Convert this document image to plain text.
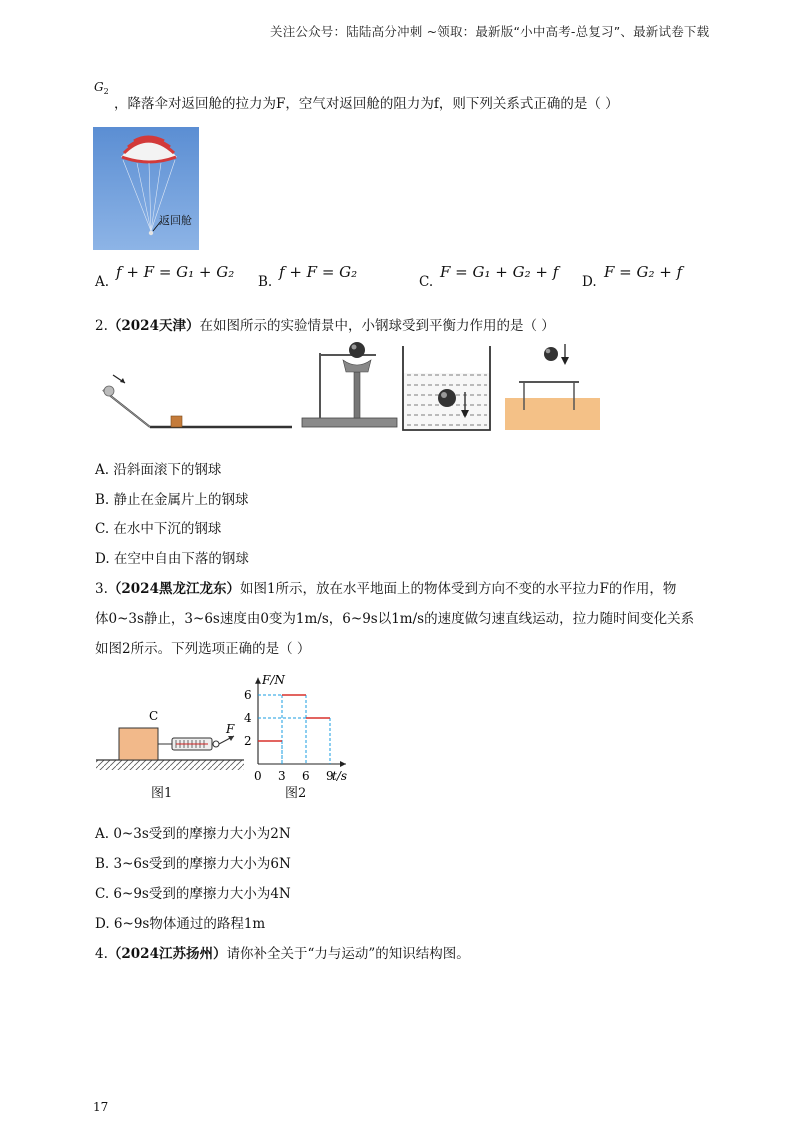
关注公众号：陆陆高分冲刺 ~领取：最新版“小中高考-总复习”、最新试卷下载
$G_2$
，降落伞对返回舱的拉力为F，空气对返回舱的阻力为f，则下列关系式正确的是（ ）
返回舱
A.
f + F = G₁ + G₂
B.
f + F = G₂
C.
F = G₁ + G₂ + f
D.
F = G₂ + f
2.（2024天津）在如图所示的实验情景中，小钢球受到平衡力作用的是（ ）
A. 沿斜面滚下的钢球
B. 静止在金属片上的钢球
C. 在水中下沉的钢球
D. 在空中自由下落的钢球
3.（2024黑龙江龙东）如图1所示，放在水平地面上的物体受到方向不变的水平拉力F的作用，物
体0~3s静止，3~6s速度由0变为1m/s，6~9s以1m/s的速度做匀速直线运动，拉力随时间变化关系
如图2所示。下列选项正确的是（ ）
C
F
图1
F/N
t/s
0 3 6 9
2
4
6
图2
A. 0~3s受到的摩擦力大小为2N
B. 3~6s受到的摩擦力大小为6N
C. 6~9s受到的摩擦力大小为4N
D. 6~9s物体通过的路程1m
4.（2024江苏扬州）请你补全关于“力与运动”的知识结构图。
17
